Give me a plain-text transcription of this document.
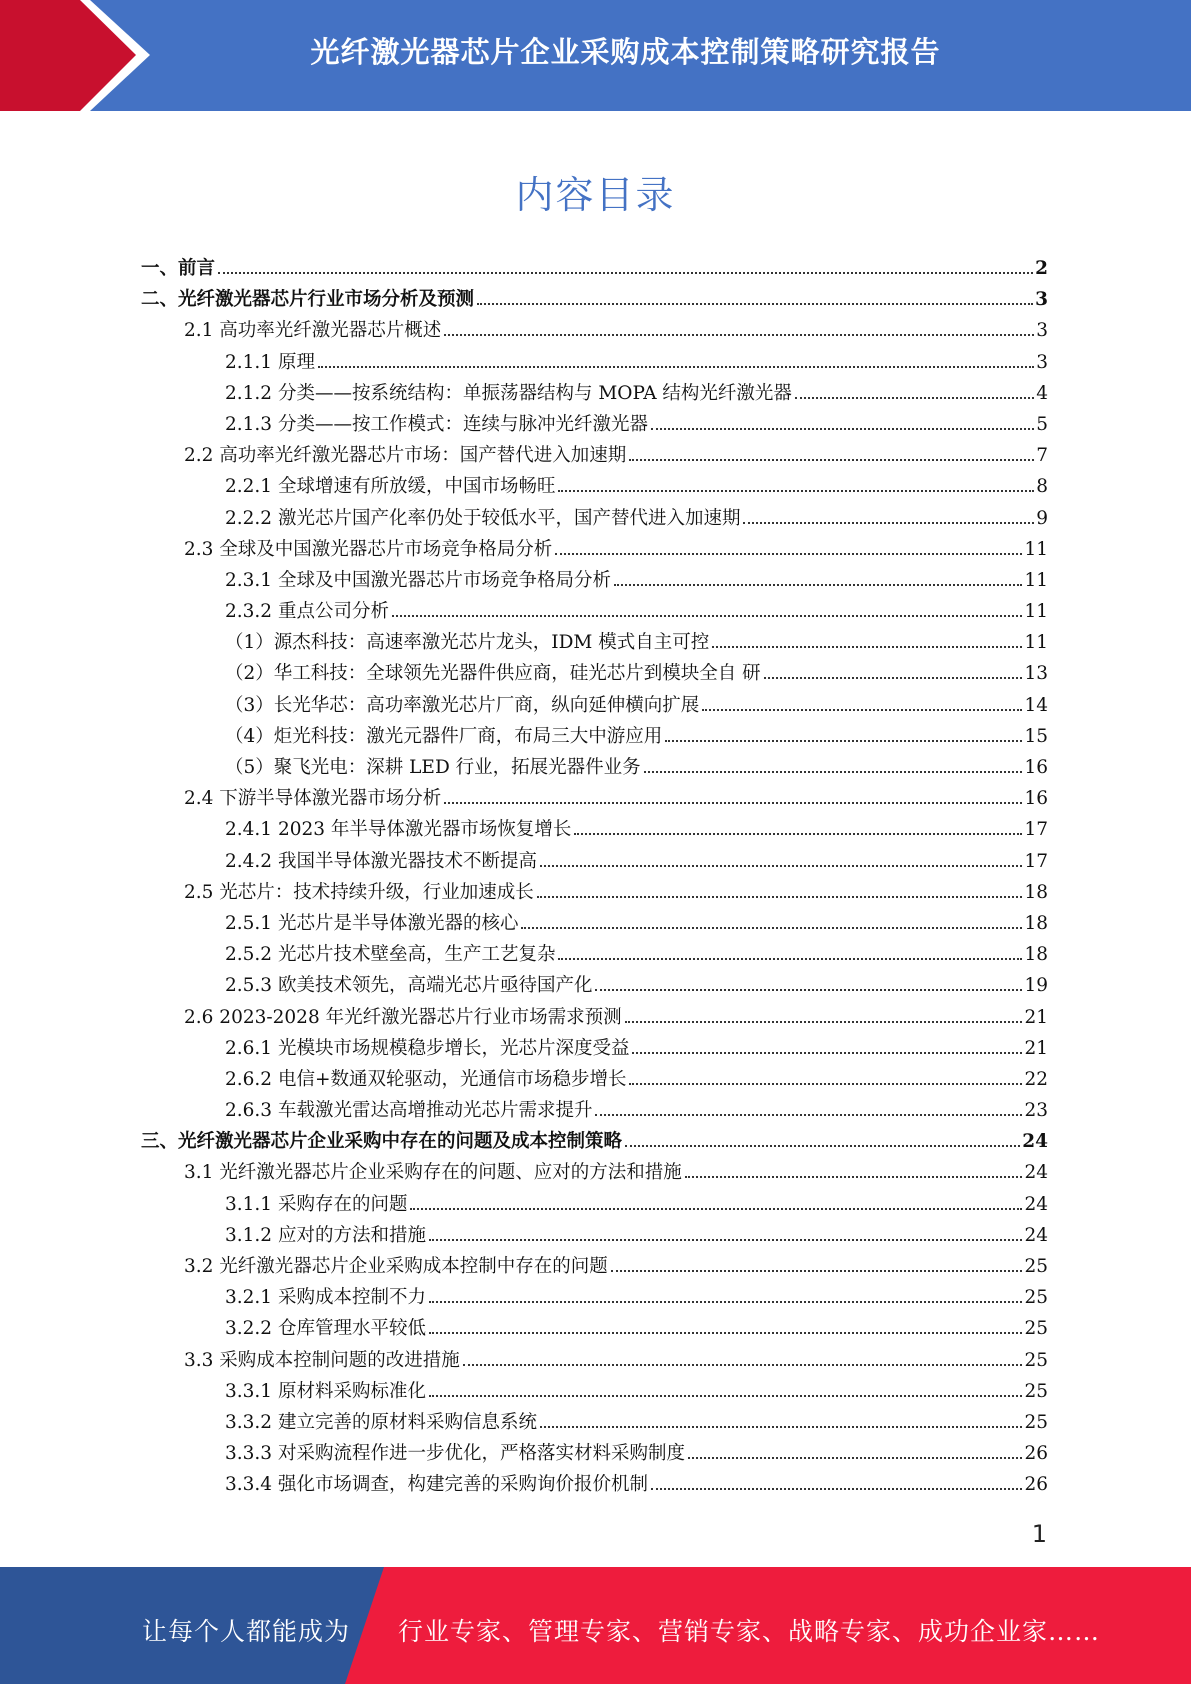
光纤激光器芯片企业采购成本控制策略研究报告
内容目录
一、前言	2
二、光纤激光器芯片行业市场分析及预测	3
2.1 高功率光纤激光器芯片概述	3
2.1.1 原理	3
2.1.2 分类——按系统结构：单振荡器结构与 MOPA 结构光纤激光器	4
2.1.3 分类——按工作模式：连续与脉冲光纤激光器	5
2.2 高功率光纤激光器芯片市场：国产替代进入加速期	7
2.2.1 全球增速有所放缓，中国市场畅旺	8
2.2.2 激光芯片国产化率仍处于较低水平，国产替代进入加速期	9
2.3 全球及中国激光器芯片市场竞争格局分析	11
2.3.1 全球及中国激光器芯片市场竞争格局分析	11
2.3.2 重点公司分析	11
（1）源杰科技：高速率激光芯片龙头，IDM 模式自主可控	11
（2）华工科技：全球领先光器件供应商，硅光芯片到模块全自 研	13
（3）长光华芯：高功率激光芯片厂商，纵向延伸横向扩展	14
（4）炬光科技：激光元器件厂商，布局三大中游应用	15
（5）聚飞光电：深耕 LED 行业，拓展光器件业务	16
2.4 下游半导体激光器市场分析	16
2.4.1 2023 年半导体激光器市场恢复增长	17
2.4.2 我国半导体激光器技术不断提高	17
2.5 光芯片：技术持续升级，行业加速成长	18
2.5.1 光芯片是半导体激光器的核心	18
2.5.2 光芯片技术壁垒高，生产工艺复杂	18
2.5.3 欧美技术领先，高端光芯片亟待国产化	19
2.6 2023-2028 年光纤激光器芯片行业市场需求预测	21
2.6.1 光模块市场规模稳步增长，光芯片深度受益	21
2.6.2 电信+数通双轮驱动，光通信市场稳步增长	22
2.6.3 车载激光雷达高增推动光芯片需求提升	23
三、光纤激光器芯片企业采购中存在的问题及成本控制策略	24
3.1 光纤激光器芯片企业采购存在的问题、应对的方法和措施	24
3.1.1 采购存在的问题	24
3.1.2 应对的方法和措施	24
3.2 光纤激光器芯片企业采购成本控制中存在的问题	25
3.2.1 采购成本控制不力	25
3.2.2 仓库管理水平较低	25
3.3 采购成本控制问题的改进措施	25
3.3.1 原材料采购标准化	25
3.3.2 建立完善的原材料采购信息系统	25
3.3.3 对采购流程作进一步优化，严格落实材料采购制度	26
3.3.4 强化市场调查，构建完善的采购询价报价机制	26
1
让每个人都能成为 行业专家、管理专家、营销专家、战略专家、成功企业家……
